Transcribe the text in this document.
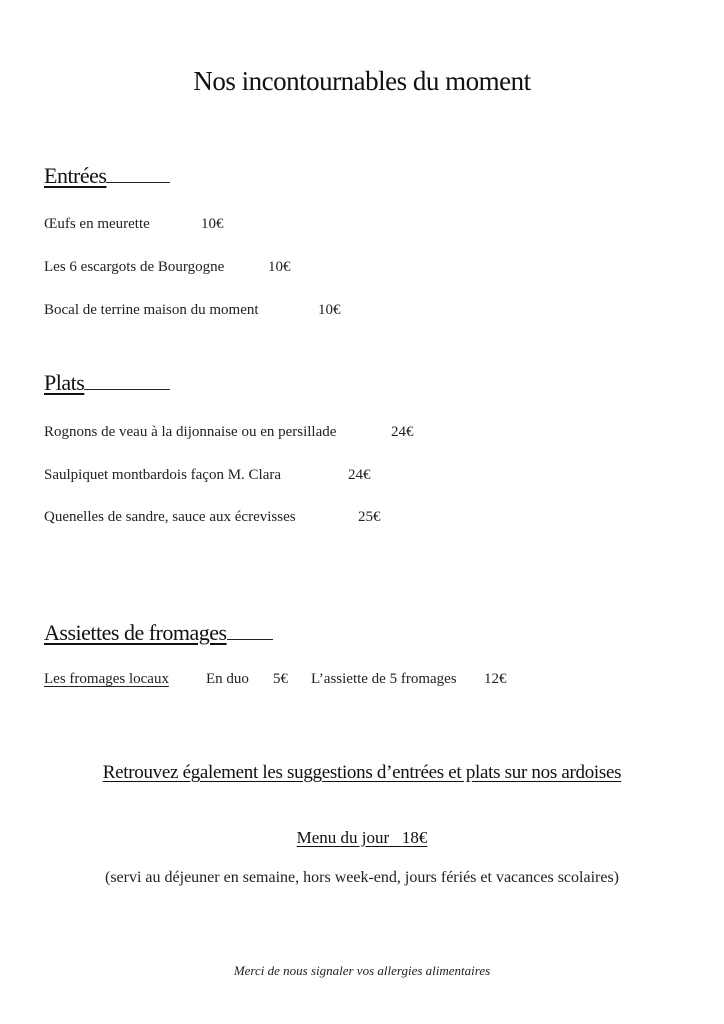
Nos incontournables du moment
Entrées
Œufs en meurette	10€
Les 6 escargots de Bourgogne	10€
Bocal de terrine maison du moment	10€
Plats
Rognons de veau à la dijonnaise ou en persillade	24€
Saulpiquet montbardois façon M. Clara	24€
Quenelles de sandre, sauce aux écrevisses	25€
Assiettes de fromages
Les fromages locaux En duo 5€ L’assiette de 5 fromages 12€
Retrouvez également les suggestions d’entrées et plats sur nos ardoises
Menu du jour 18€
(servi au déjeuner en semaine, hors week-end, jours fériés et vacances scolaires)
Merci de nous signaler vos allergies alimentaires
